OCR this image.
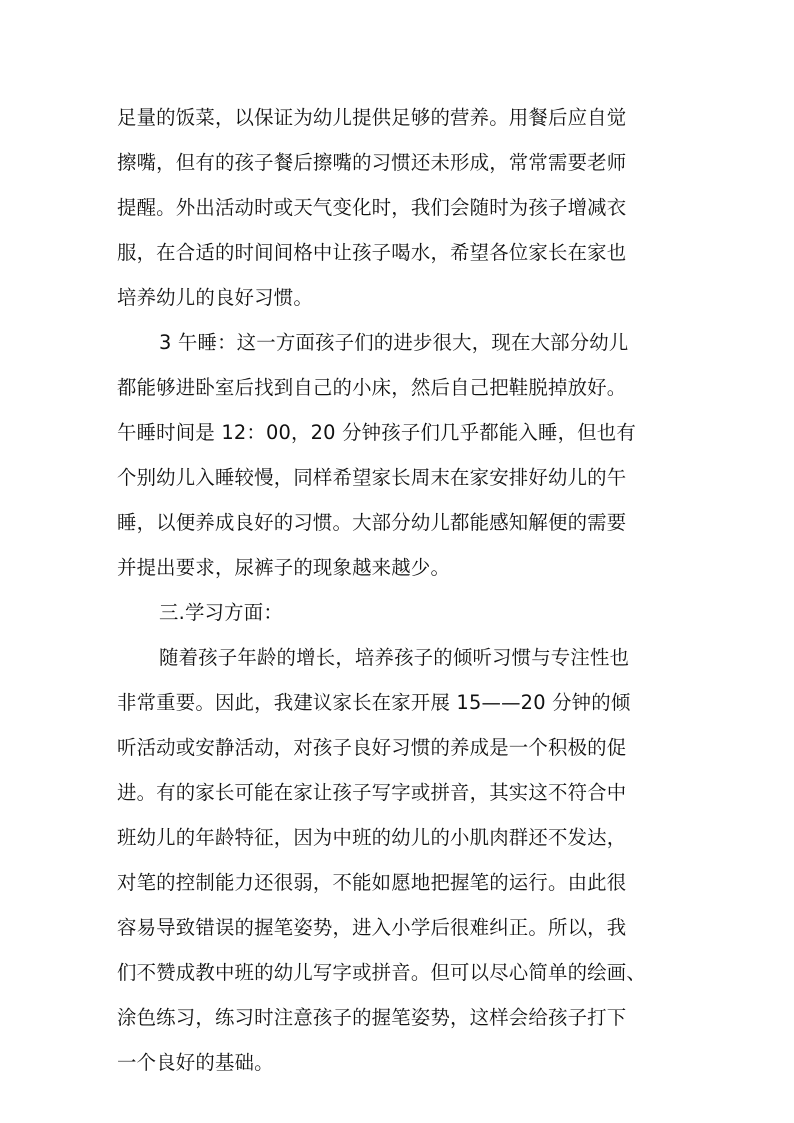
足量的饭菜，以保证为幼儿提供足够的营养。用餐后应自觉
擦嘴，但有的孩子餐后擦嘴的习惯还未形成，常常需要老师
提醒。外出活动时或天气变化时，我们会随时为孩子增减衣
服，在合适的时间间格中让孩子喝水，希望各位家长在家也
培养幼儿的良好习惯。
3 午睡：这一方面孩子们的进步很大，现在大部分幼儿
都能够进卧室后找到自己的小床，然后自己把鞋脱掉放好。
午睡时间是 12：00，20 分钟孩子们几乎都能入睡，但也有
个别幼儿入睡较慢，同样希望家长周末在家安排好幼儿的午
睡，以便养成良好的习惯。大部分幼儿都能感知解便的需要
并提出要求，尿裤子的现象越来越少。
三.学习方面：
随着孩子年龄的增长，培养孩子的倾听习惯与专注性也
非常重要。因此，我建议家长在家开展 15——20 分钟的倾
听活动或安静活动，对孩子良好习惯的养成是一个积极的促
进。有的家长可能在家让孩子写字或拼音，其实这不符合中
班幼儿的年龄特征，因为中班的幼儿的小肌肉群还不发达，
对笔的控制能力还很弱，不能如愿地把握笔的运行。由此很
容易导致错误的握笔姿势，进入小学后很难纠正。所以，我
们不赞成教中班的幼儿写字或拼音。但可以尽心简单的绘画、
涂色练习，练习时注意孩子的握笔姿势，这样会给孩子打下
一个良好的基础。
